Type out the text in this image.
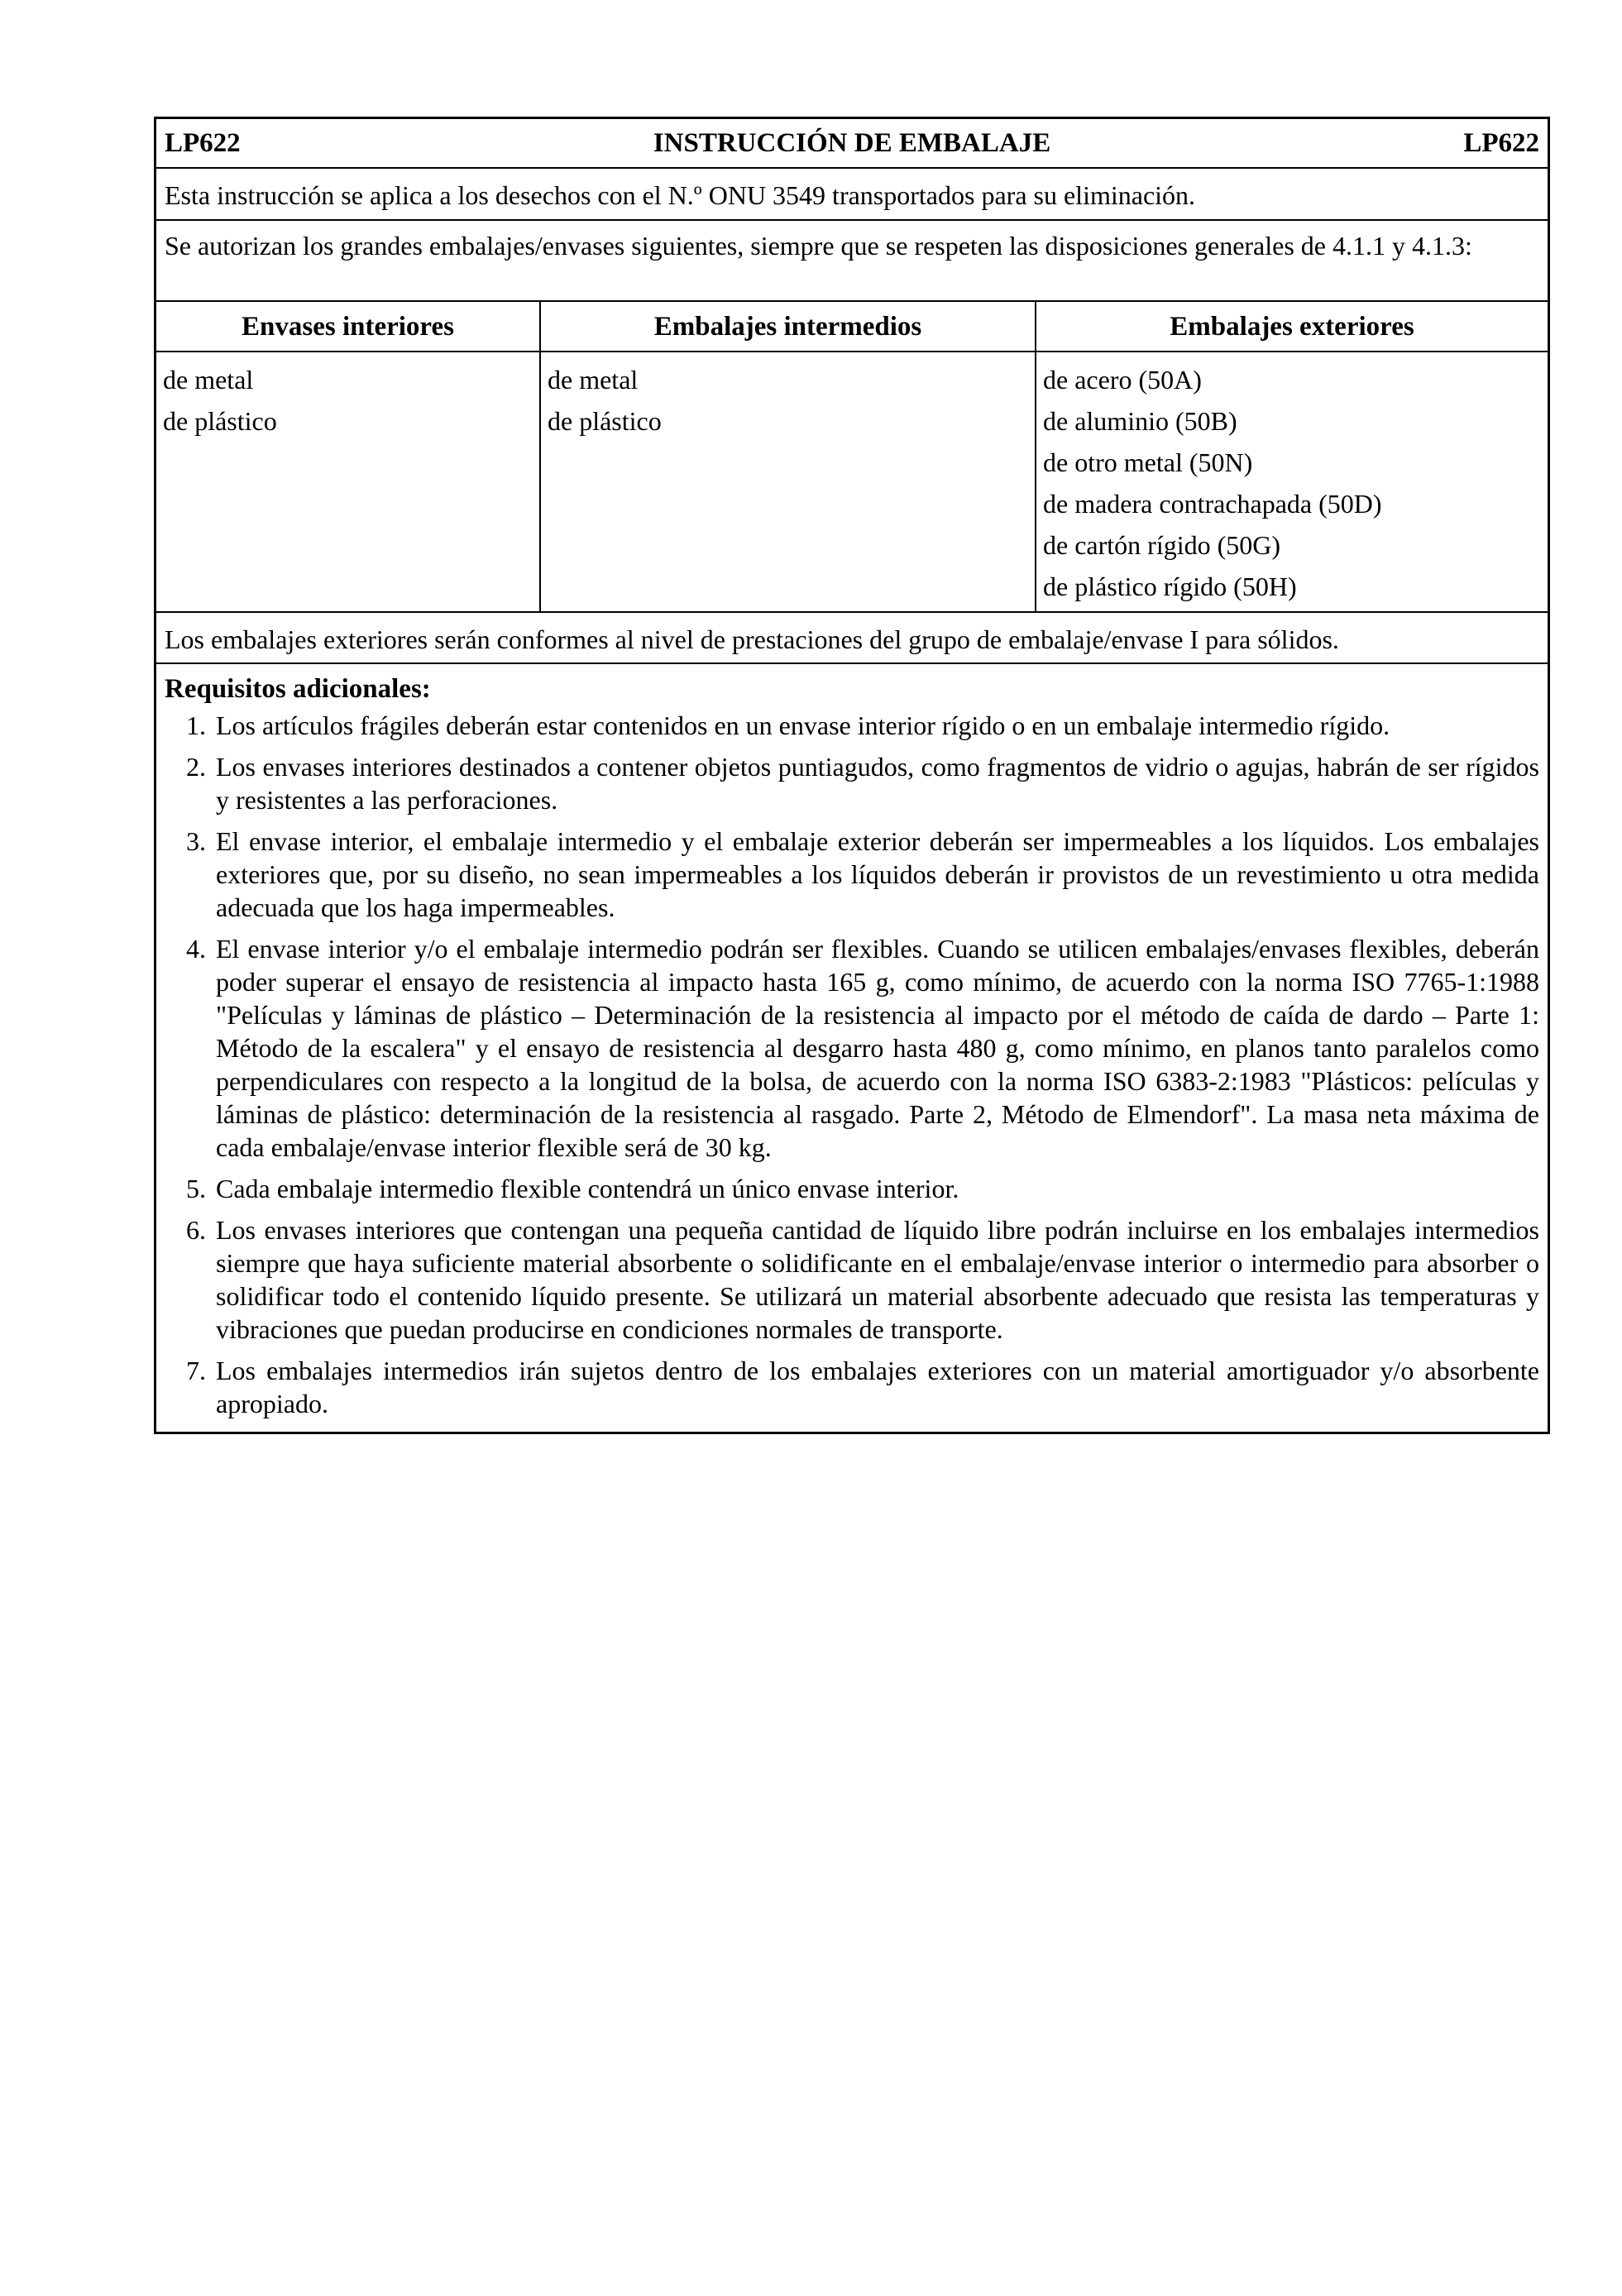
LP622	INSTRUCCIÓN DE EMBALAJE	LP622
Esta instrucción se aplica a los desechos con el N.º ONU 3549 transportados para su eliminación.
Se autorizan los grandes embalajes/envases siguientes, siempre que se respeten las disposiciones generales de 4.1.1 y 4.1.3:
Envases interiores
de metal
de plástico
Embalajes intermedios
de metal
de plástico
Embalajes exteriores
de acero (50A)
de aluminio (50B)
de otro metal (50N)
de madera contrachapada (50D)
de cartón rígido (50G)
de plástico rígido (50H)
Los embalajes exteriores serán conformes al nivel de prestaciones del grupo de embalaje/envase I para sólidos.
Requisitos adicionales:
1. Los artículos frágiles deberán estar contenidos en un envase interior rígido o en un embalaje intermedio rígido.
2. Los envases interiores destinados a contener objetos puntiagudos, como fragmentos de vidrio o agujas, habrán de ser rígidos y resistentes a las perforaciones.
3. El envase interior, el embalaje intermedio y el embalaje exterior deberán ser impermeables a los líquidos. Los embalajes exteriores que, por su diseño, no sean impermeables a los líquidos deberán ir provistos de un revestimiento u otra medida adecuada que los haga impermeables.
4. El envase interior y/o el embalaje intermedio podrán ser flexibles. Cuando se utilicen embalajes/envases flexibles, deberán poder superar el ensayo de resistencia al impacto hasta 165 g, como mínimo, de acuerdo con la norma ISO 7765-1:1988 "Películas y láminas de plástico – Determinación de la resistencia al impacto por el método de caída de dardo – Parte 1: Método de la escalera" y el ensayo de resistencia al desgarro hasta 480 g, como mínimo, en planos tanto paralelos como perpendiculares con respecto a la longitud de la bolsa, de acuerdo con la norma ISO 6383-2:1983 "Plásticos: películas y láminas de plástico: determinación de la resistencia al rasgado. Parte 2, Método de Elmendorf". La masa neta máxima de cada embalaje/envase interior flexible será de 30 kg.
5. Cada embalaje intermedio flexible contendrá un único envase interior.
6. Los envases interiores que contengan una pequeña cantidad de líquido libre podrán incluirse en los embalajes intermedios siempre que haya suficiente material absorbente o solidificante en el embalaje/envase interior o intermedio para absorber o solidificar todo el contenido líquido presente. Se utilizará un material absorbente adecuado que resista las temperaturas y vibraciones que puedan producirse en condiciones normales de transporte.
7. Los embalajes intermedios irán sujetos dentro de los embalajes exteriores con un material amortiguador y/o absorbente apropiado.
